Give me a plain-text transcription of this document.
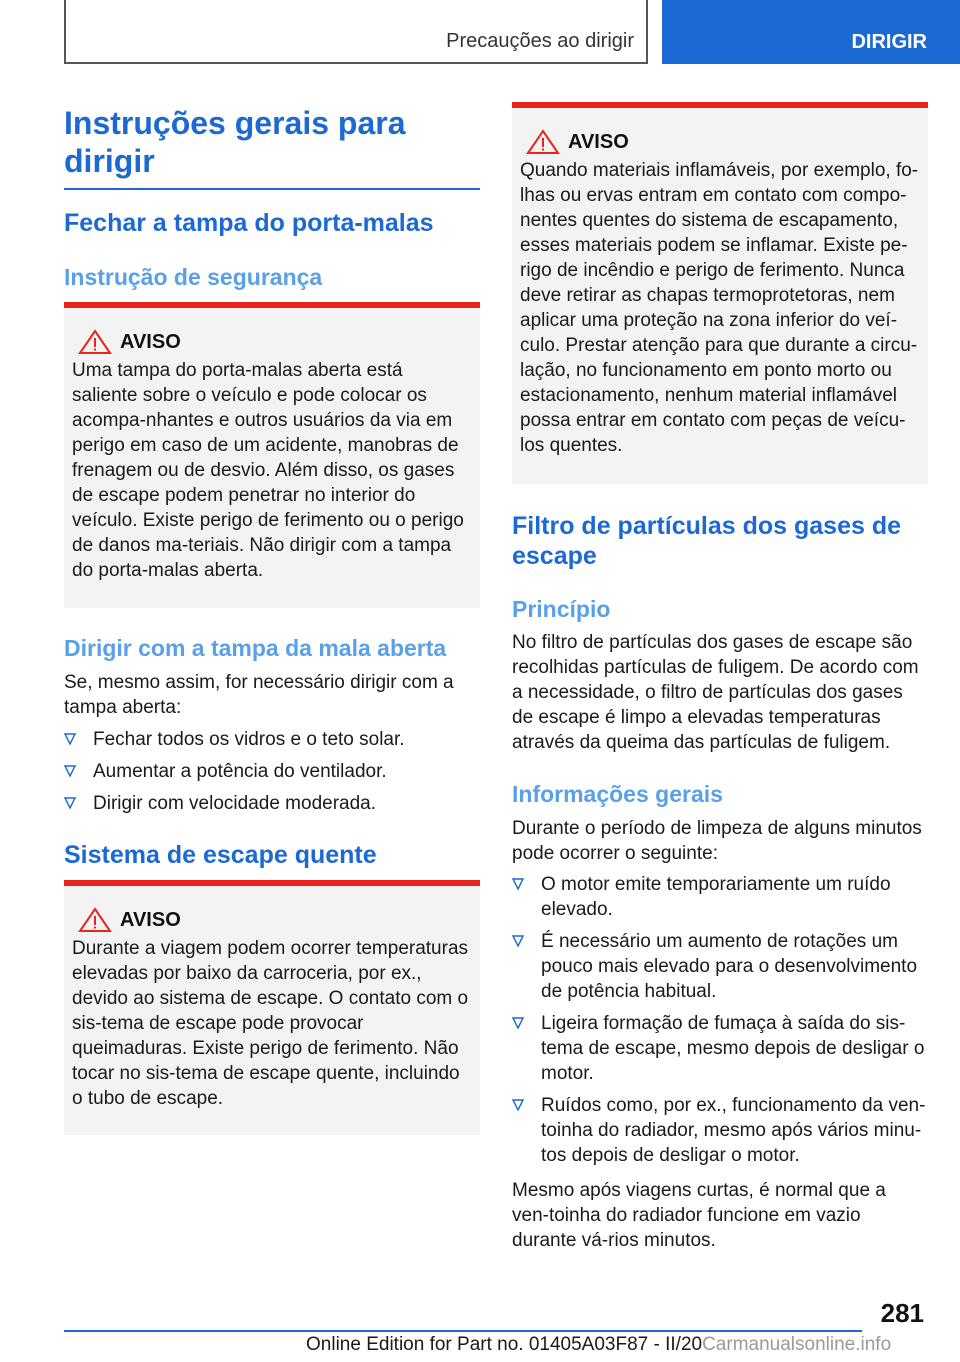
Precauções ao dirigir	DIRIGIR
Instruções gerais para dirigir
Fechar a tampa do porta-malas
Instrução de segurança
AVISO
Uma tampa do porta-malas aberta está saliente sobre o veículo e pode colocar os acompa-nhantes e outros usuários da via em perigo em caso de um acidente, manobras de frenagem ou de desvio. Além disso, os gases de escape podem penetrar no interior do veículo. Existe perigo de ferimento ou o perigo de danos ma-teriais. Não dirigir com a tampa do porta-malas aberta.
Dirigir com a tampa da mala aberta
Se, mesmo assim, for necessário dirigir com a tampa aberta:
Fechar todos os vidros e o teto solar.
Aumentar a potência do ventilador.
Dirigir com velocidade moderada.
Sistema de escape quente
AVISO
Durante a viagem podem ocorrer temperaturas elevadas por baixo da carroceria, por ex., devido ao sistema de escape. O contato com o sis-tema de escape pode provocar queimaduras. Existe perigo de ferimento. Não tocar no sis-tema de escape quente, incluindo o tubo de escape.
AVISO
Quando materiais inflamáveis, por exemplo, fo-lhas ou ervas entram em contato com compo-nentes quentes do sistema de escapamento, esses materiais podem se inflamar. Existe pe-rigo de incêndio e perigo de ferimento. Nunca deve retirar as chapas termoprotetoras, nem aplicar uma proteção na zona inferior do veí-culo. Prestar atenção para que durante a circu-lação, no funcionamento em ponto morto ou estacionamento, nenhum material inflamável possa entrar em contato com peças de veícu-los quentes.
Filtro de partículas dos gases de escape
Princípio
No filtro de partículas dos gases de escape são recolhidas partículas de fuligem. De acordo com a necessidade, o filtro de partículas dos gases de escape é limpo a elevadas temperaturas através da queima das partículas de fuligem.
Informações gerais
Durante o período de limpeza de alguns minutos pode ocorrer o seguinte:
O motor emite temporariamente um ruído elevado.
É necessário um aumento de rotações um pouco mais elevado para o desenvolvimento de potência habitual.
Ligeira formação de fumaça à saída do sis-tema de escape, mesmo depois de desligar o motor.
Ruídos como, por ex., funcionamento da ven-toinha do radiador, mesmo após vários minu-tos depois de desligar o motor.
Mesmo após viagens curtas, é normal que a ven-toinha do radiador funcione em vazio durante vá-rios minutos.
281
Online Edition for Part no. 01405A03F87 - II/20Carmanualsonline.info
